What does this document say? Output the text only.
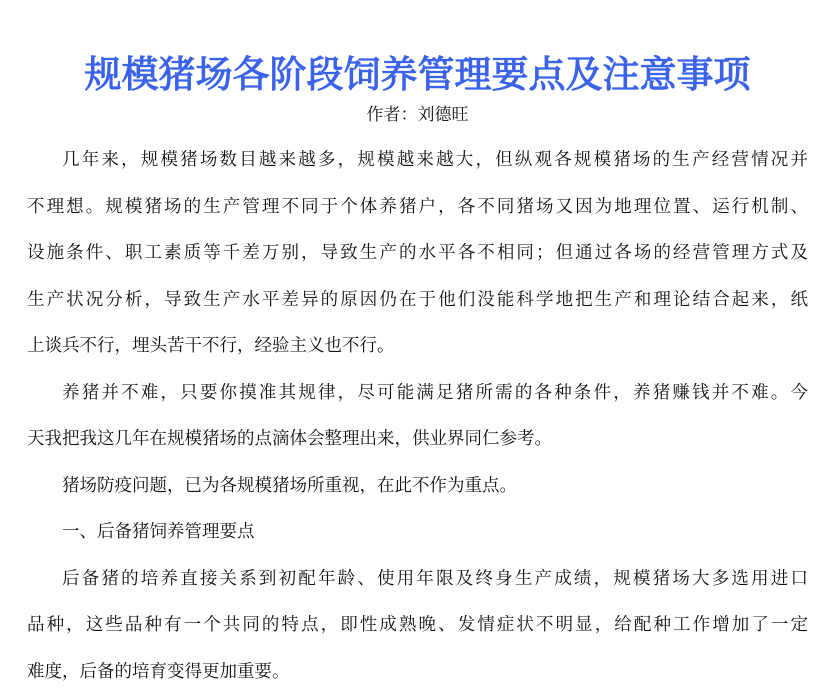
规模猪场各阶段饲养管理要点及注意事项
作者：刘德旺

几年来，规模猪场数目越来越多，规模越来越大，但纵观各规模猪场的生产经营情况并
不理想。规模猪场的生产管理不同于个体养猪户，各不同猪场又因为地理位置、运行机制、
设施条件、职工素质等千差万别，导致生产的水平各不相同；但通过各场的经营管理方式及
生产状况分析，导致生产水平差异的原因仍在于他们没能科学地把生产和理论结合起来，纸
上谈兵不行，埋头苦干不行，经验主义也不行。

养猪并不难，只要你摸准其规律，尽可能满足猪所需的各种条件，养猪赚钱并不难。今
天我把我这几年在规模猪场的点滴体会整理出来，供业界同仁参考。

猪场防疫问题，已为各规模猪场所重视，在此不作为重点。

一、后备猪饲养管理要点

后备猪的培养直接关系到初配年龄、使用年限及终身生产成绩，规模猪场大多选用进口
品种，这些品种有一个共同的特点，即性成熟晚、发情症状不明显，给配种工作增加了一定
难度，后备的培育变得更加重要。
